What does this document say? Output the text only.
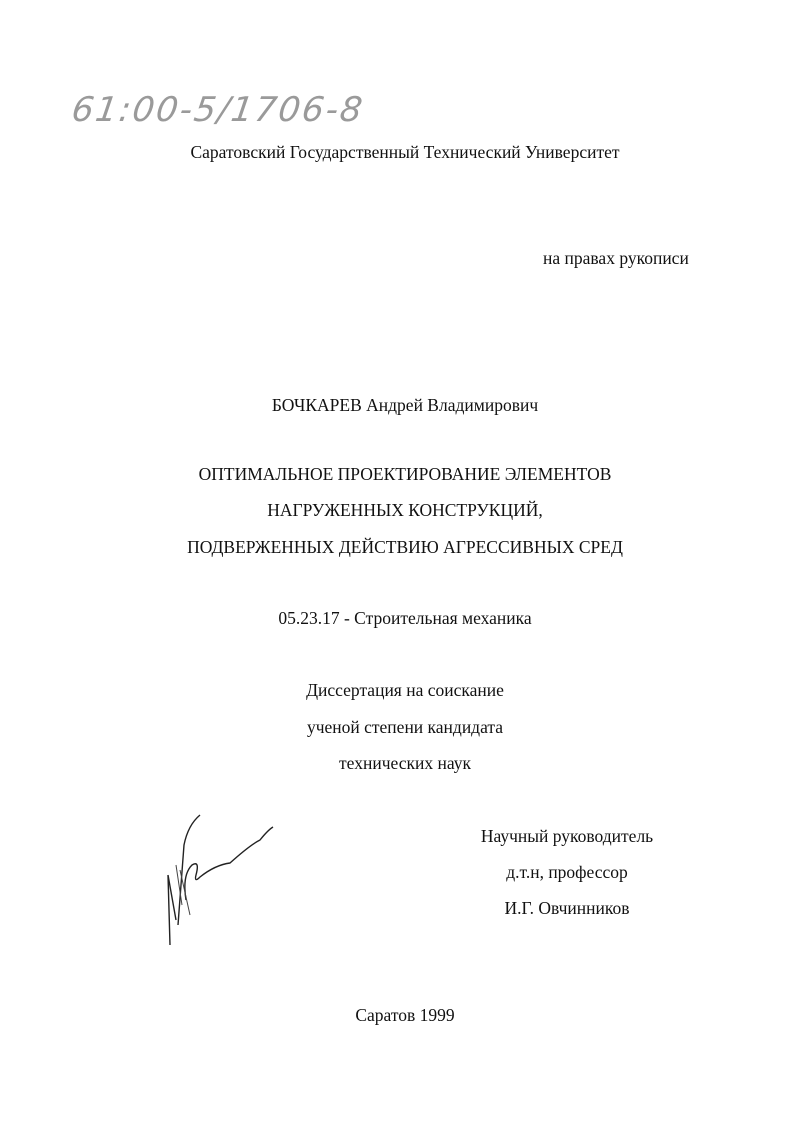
61:00-5/1706-8
Саратовский Государственный Технический Университет
на правах рукописи
БОЧКАРЕВ Андрей Владимирович
ОПТИМАЛЬНОЕ ПРОЕКТИРОВАНИЕ ЭЛЕМЕНТОВ
НАГРУЖЕННЫХ КОНСТРУКЦИЙ,
ПОДВЕРЖЕННЫХ ДЕЙСТВИЮ АГРЕССИВНЫХ СРЕД
05.23.17 - Строительная механика
Диссертация на соискание
ученой степени кандидата
технических наук
Научный руководитель
д.т.н, профессор
И.Г. Овчинников
Саратов 1999
